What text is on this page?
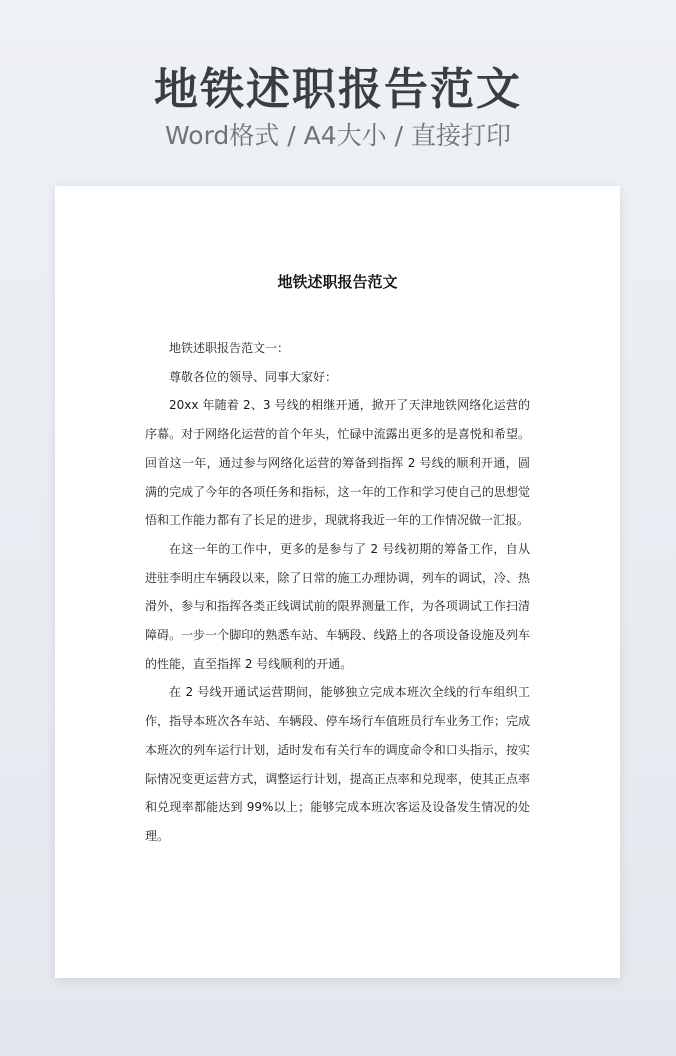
地铁述职报告范文
Word格式 / A4大小 / 直接打印
地铁述职报告范文

地铁述职报告范文一：

尊敬各位的领导、同事大家好：

20xx 年随着 2、3 号线的相继开通，掀开了天津地铁网络化运营的序幕。对于网络化运营的首个年头，忙碌中流露出更多的是喜悦和希望。回首这一年，通过参与网络化运营的筹备到指挥 2 号线的顺利开通，圆满的完成了今年的各项任务和指标，这一年的工作和学习使自己的思想觉悟和工作能力都有了长足的进步，现就将我近一年的工作情况做一汇报。

在这一年的工作中，更多的是参与了 2 号线初期的筹备工作，自从进驻李明庄车辆段以来，除了日常的施工办理协调，列车的调试，冷、热滑外，参与和指挥各类正线调试前的限界测量工作，为各项调试工作扫清障碍。一步一个脚印的熟悉车站、车辆段、线路上的各项设备设施及列车的性能，直至指挥 2 号线顺利的开通。

在 2 号线开通试运营期间，能够独立完成本班次全线的行车组织工作，指导本班次各车站、车辆段、停车场行车值班员行车业务工作；完成本班次的列车运行计划，适时发布有关行车的调度命令和口头指示，按实际情况变更运营方式，调整运行计划，提高正点率和兑现率，使其正点率和兑现率都能达到 99%以上；能够完成本班次客运及设备发生情况的处理。
